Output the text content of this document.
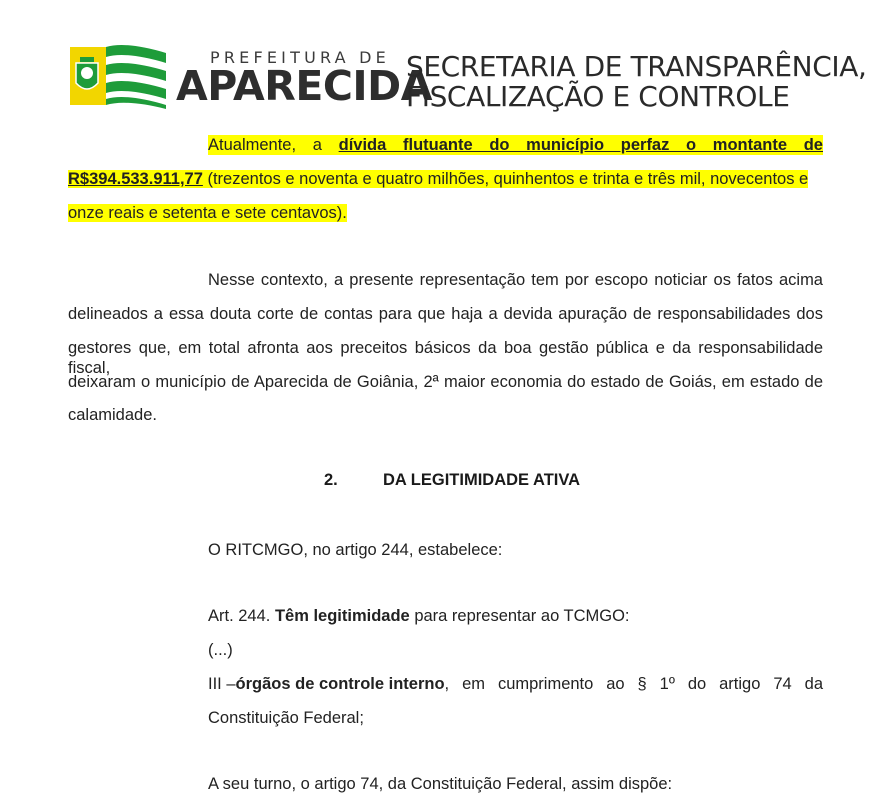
PREFEITURA DE
APARECIDA
SECRETARIA DE TRANSPARÊNCIA,
FISCALIZAÇÃO E CONTROLE
Atualmente, a dívida flutuante do município perfaz o montante de
R$394.533.911,77 (trezentos e noventa e quatro milhões, quinhentos e trinta e três mil, novecentos e
onze reais e setenta e sete centavos).
Nesse contexto, a presente representação tem por escopo noticiar os fatos acima
delineados a essa douta corte de contas para que haja a devida apuração de responsabilidades dos
gestores que, em total afronta aos preceitos básicos da boa gestão pública e da responsabilidade fiscal,
deixaram o município de Aparecida de Goiânia, 2ª maior economia do estado de Goiás, em estado de
calamidade.
2.	DA LEGITIMIDADE ATIVA
O RITCMGO, no artigo 244, estabelece:
Art. 244. Têm legitimidade para representar ao TCMGO:
(...)
III – órgãos de controle interno , em cumprimento ao § 1º do artigo 74 da
Constituição Federal;
A seu turno, o artigo 74, da Constituição Federal, assim dispõe:
